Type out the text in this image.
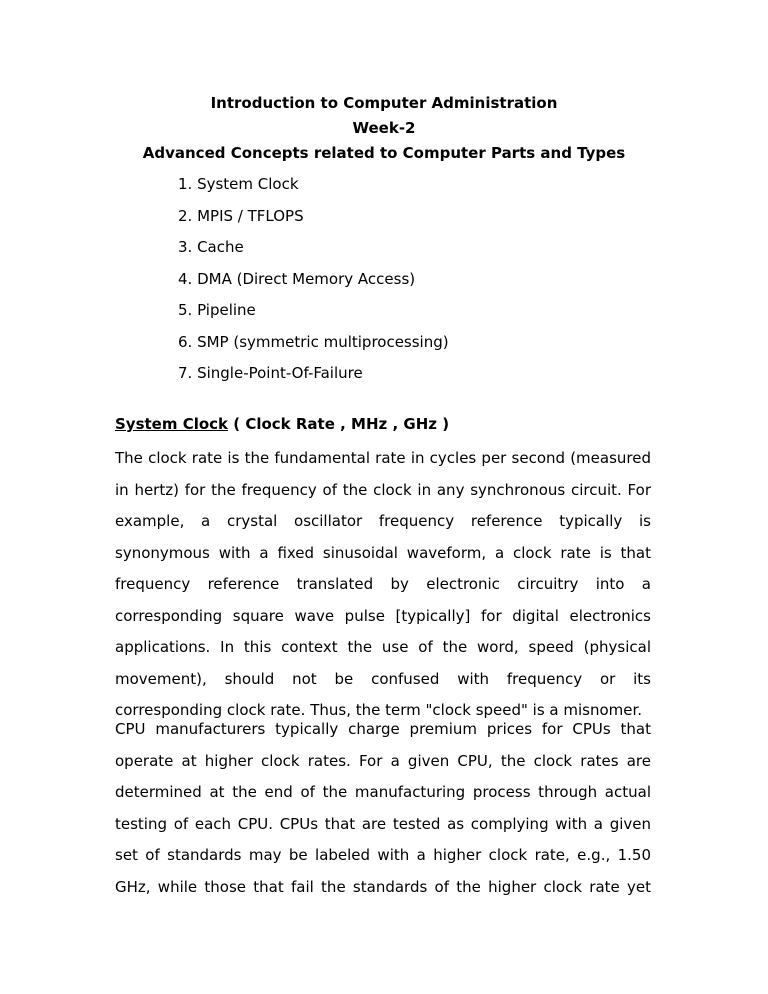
Introduction to Computer Administration
Week-2
Advanced Concepts related to Computer Parts and Types
1. System Clock
2. MPIS / TFLOPS
3. Cache
4. DMA (Direct Memory Access)
5. Pipeline
6. SMP (symmetric multiprocessing)
7. Single-Point-Of-Failure
System Clock ( Clock Rate , MHz , GHz )
The clock rate is the fundamental rate in cycles per second (measured
in hertz) for the frequency of the clock in any synchronous circuit. For
example, a crystal oscillator frequency reference typically is
synonymous with a fixed sinusoidal waveform, a clock rate is that
frequency reference translated by electronic circuitry into a
corresponding square wave pulse [typically] for digital electronics
applications. In this context the use of the word, speed (physical
movement), should not be confused with frequency or its
corresponding clock rate. Thus, the term "clock speed" is a misnomer.
CPU manufacturers typically charge premium prices for CPUs that
operate at higher clock rates. For a given CPU, the clock rates are
determined at the end of the manufacturing process through actual
testing of each CPU. CPUs that are tested as complying with a given
set of standards may be labeled with a higher clock rate, e.g., 1.50
GHz, while those that fail the standards of the higher clock rate yet
